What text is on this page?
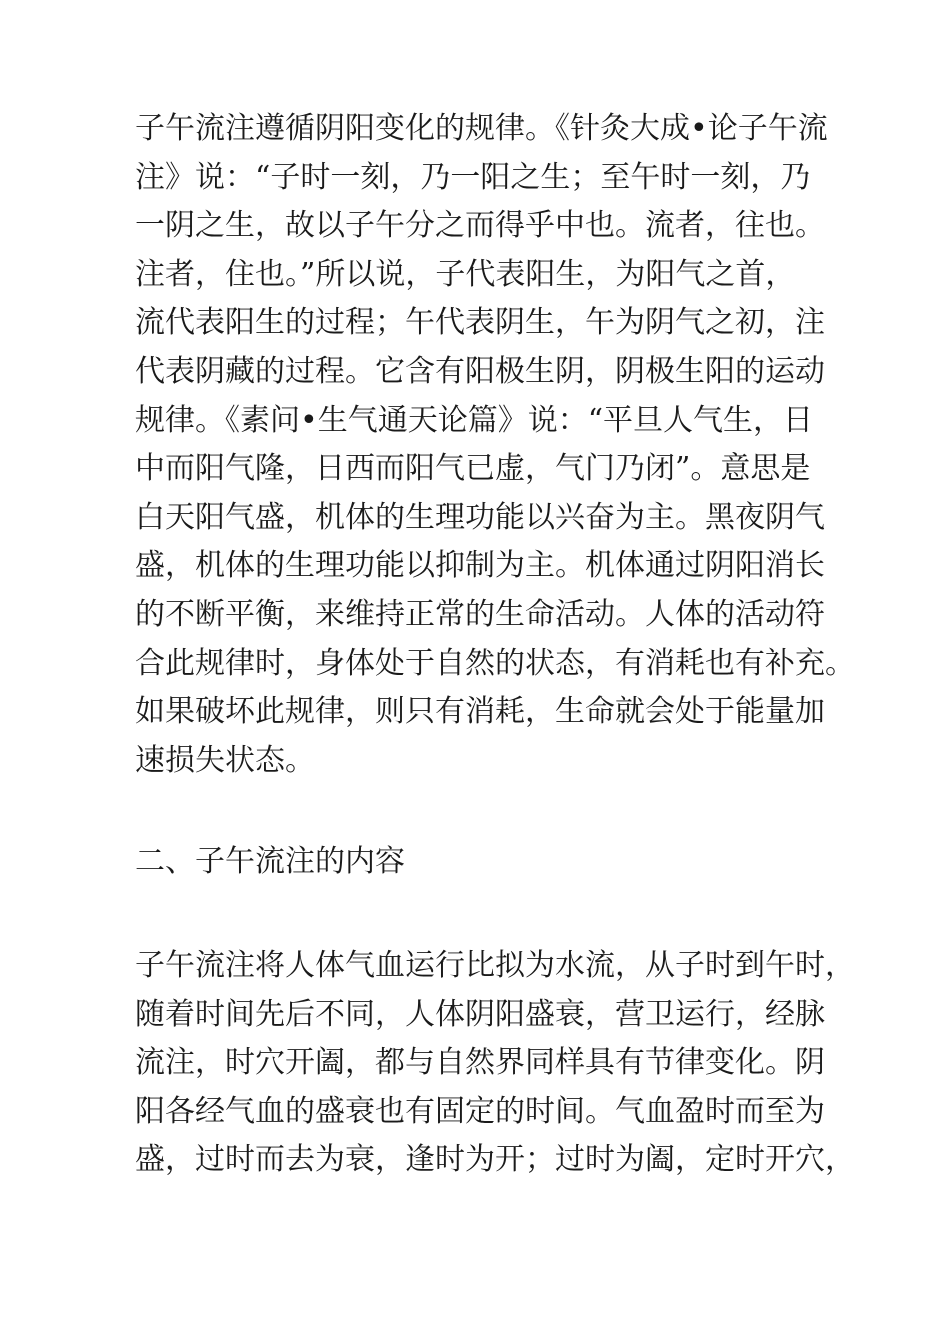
子午流注遵循阴阳变化的规律。《针灸大成•论子午流
注》说：“子时一刻，乃一阳之生；至午时一刻，乃
一阴之生，故以子午分之而得乎中也。流者，往也。
注者，住也。”所以说，子代表阳生，为阳气之首，
流代表阳生的过程；午代表阴生，午为阴气之初，注
代表阴藏的过程。它含有阳极生阴，阴极生阳的运动
规律。《素问•生气通天论篇》说：“平旦人气生，日
中而阳气隆，日西而阳气已虚，气门乃闭”。意思是
白天阳气盛，机体的生理功能以兴奋为主。黑夜阴气
盛，机体的生理功能以抑制为主。机体通过阴阳消长
的不断平衡，来维持正常的生命活动。人体的活动符
合此规律时，身体处于自然的状态，有消耗也有补充。
如果破坏此规律，则只有消耗，生命就会处于能量加
速损失状态。
二、子午流注的内容
子午流注将人体气血运行比拟为水流，从子时到午时，
随着时间先后不同，人体阴阳盛衰，营卫运行，经脉
流注，时穴开阖，都与自然界同样具有节律变化。阴
阳各经气血的盛衰也有固定的时间。气血盈时而至为
盛，过时而去为衰，逢时为开；过时为阖，定时开穴，
